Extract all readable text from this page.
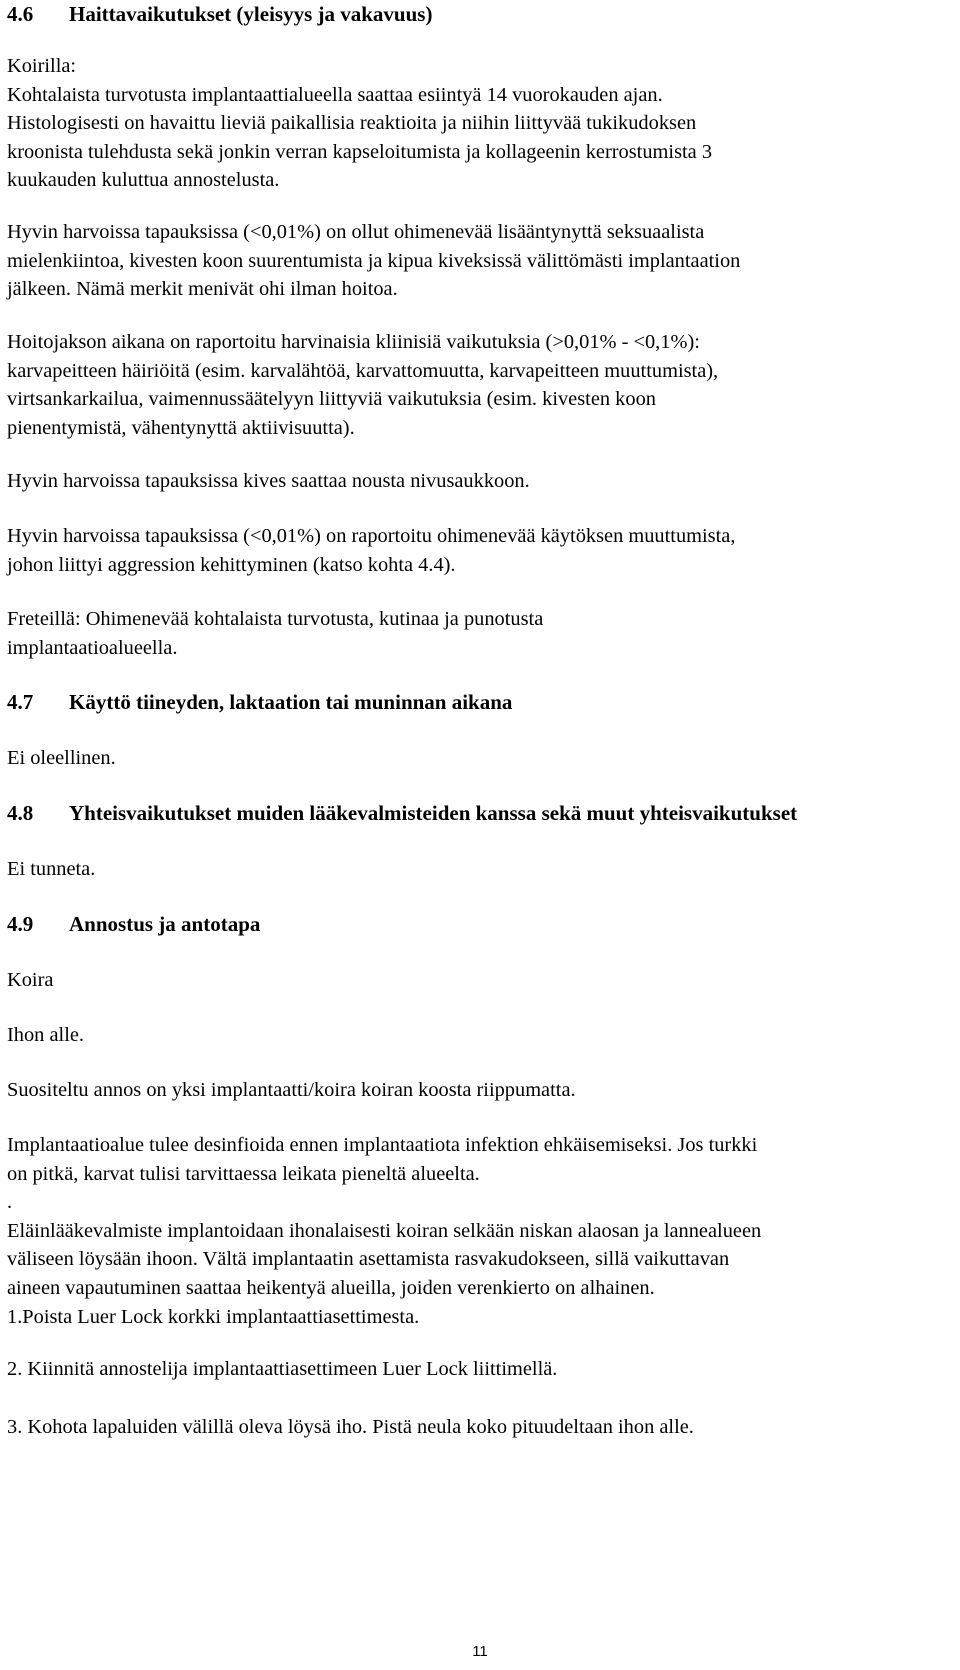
4.6 Haittavaikutukset (yleisyys ja vakavuus)

Koirilla:
Kohtalaista turvotusta implantaattialueella saattaa esiintyä 14 vuorokauden ajan.
Histologisesti on havaittu lieviä paikallisia reaktioita ja niihin liittyvää tukikudoksen
kroonista tulehdusta sekä jonkin verran kapseloitumista ja kollageenin kerrostumista 3
kuukauden kuluttua annostelusta.

Hyvin harvoissa tapauksissa (<0,01%) on ollut ohimenevää lisääntynyttä seksuaalista
mielenkiintoa, kivesten koon suurentumista ja kipua kiveksissä välittömästi implantaation
jälkeen. Nämä merkit menivät ohi ilman hoitoa.

Hoitojakson aikana on raportoitu harvinaisia kliinisiä vaikutuksia (>0,01% - <0,1%):
karvapeitteen häiriöitä (esim. karvalähtöä, karvattomuutta, karvapeitteen muuttumista),
virtsankarkailua, vaimennussäätelyyn liittyviä vaikutuksia (esim. kivesten koon
pienentymistä, vähentynyttä aktiivisuutta).

Hyvin harvoissa tapauksissa kives saattaa nousta nivusaukkoon.

Hyvin harvoissa tapauksissa (<0,01%) on raportoitu ohimenevää käytöksen muuttumista,
johon liittyi aggression kehittyminen (katso kohta 4.4).

Freteillä: Ohimenevää kohtalaista turvotusta, kutinaa ja punotusta
implantaatioalueella.

4.7 Käyttö tiineyden, laktaation tai muninnan aikana

Ei oleellinen.

4.8 Yhteisvaikutukset muiden lääkevalmisteiden kanssa sekä muut yhteisvaikutukset

Ei tunneta.

4.9 Annostus ja antotapa

Koira

Ihon alle.

Suositeltu annos on yksi implantaatti/koira koiran koosta riippumatta.

Implantaatioalue tulee desinfioida ennen implantaatiota infektion ehkäisemiseksi. Jos turkki
on pitkä, karvat tulisi tarvittaessa leikata pieneltä alueelta.
.
Eläinlääkevalmiste implantoidaan ihonalaisesti koiran selkään niskan alaosan ja lannealueen
väliseen löysään ihoon. Vältä implantaatin asettamista rasvakudokseen, sillä vaikuttavan
aineen vapautuminen saattaa heikentyä alueilla, joiden verenkierto on alhainen.
1.Poista Luer Lock korkki implantaattiasettimesta.

2. Kiinnitä annostelija implantaattiasettimeen Luer Lock liittimellä.

3. Kohota lapaluiden välillä oleva löysä iho. Pistä neula koko pituudeltaan ihon alle.

11
